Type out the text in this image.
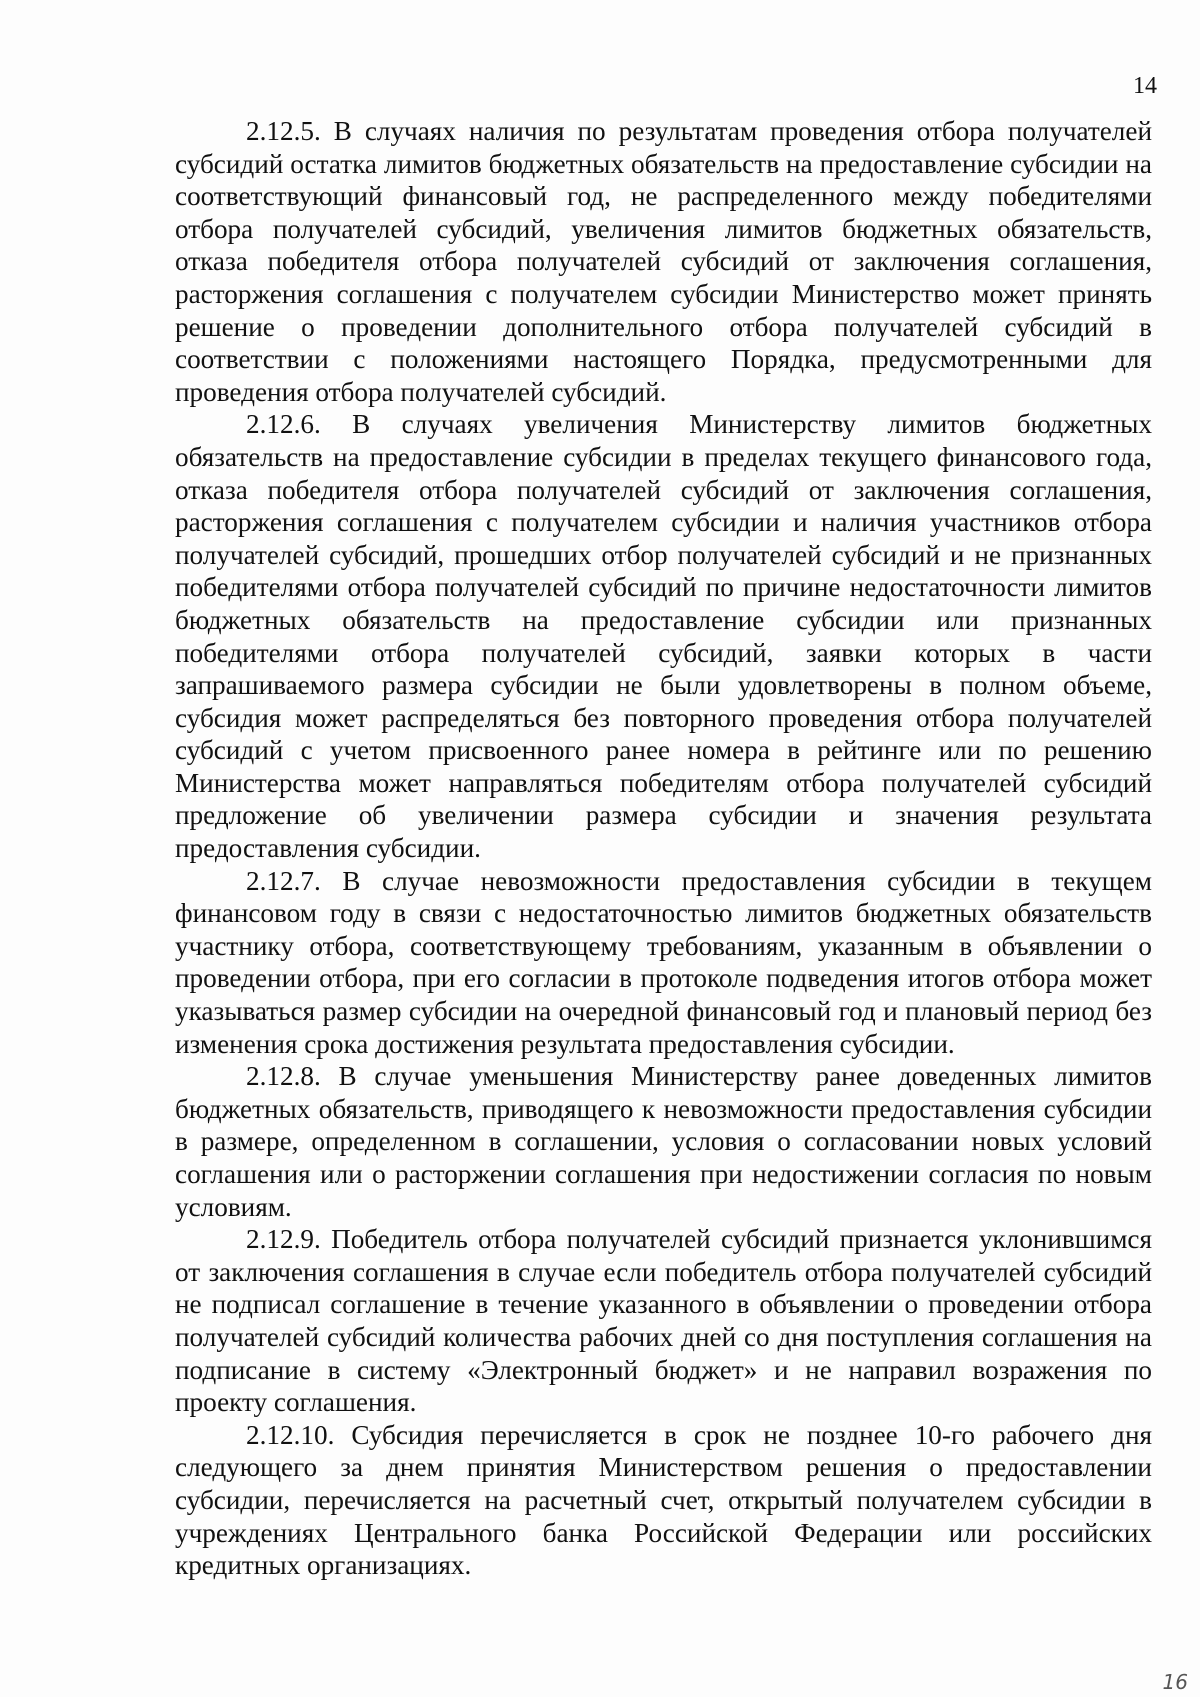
14

2.12.5. В случаях наличия по результатам проведения отбора получателей субсидий остатка лимитов бюджетных обязательств на предоставление субсидии на соответствующий финансовый год, не распределенного между победителями отбора получателей субсидий, увеличения лимитов бюджетных обязательств, отказа победителя отбора получателей субсидий от заключения соглашения, расторжения соглашения с получателем субсидии Министерство может принять решение о проведении дополнительного отбора получателей субсидий в соответствии с положениями настоящего Порядка, предусмотренными для проведения отбора получателей субсидий.

2.12.6. В случаях увеличения Министерству лимитов бюджетных обязательств на предоставление субсидии в пределах текущего финансового года, отказа победителя отбора получателей субсидий от заключения соглашения, расторжения соглашения с получателем субсидии и наличия участников отбора получателей субсидий, прошедших отбор получателей субсидий и не признанных победителями отбора получателей субсидий по причине недостаточности лимитов бюджетных обязательств на предоставление субсидии или признанных победителями отбора получателей субсидий, заявки которых в части запрашиваемого размера субсидии не были удовлетворены в полном объеме, субсидия может распределяться без повторного проведения отбора получателей субсидий с учетом присвоенного ранее номера в рейтинге или по решению Министерства может направляться победителям отбора получателей субсидий предложение об увеличении размера субсидии и значения результата предоставления субсидии.

2.12.7. В случае невозможности предоставления субсидии в текущем финансовом году в связи с недостаточностью лимитов бюджетных обязательств участнику отбора, соответствующему требованиям, указанным в объявлении о проведении отбора, при его согласии в протоколе подведения итогов отбора может указываться размер субсидии на очередной финансовый год и плановый период без изменения срока достижения результата предоставления субсидии.

2.12.8. В случае уменьшения Министерству ранее доведенных лимитов бюджетных обязательств, приводящего к невозможности предоставления субсидии в размере, определенном в соглашении, условия о согласовании новых условий соглашения или о расторжении соглашения при недостижении согласия по новым условиям.

2.12.9. Победитель отбора получателей субсидий признается уклонившимся от заключения соглашения в случае если победитель отбора получателей субсидий не подписал соглашение в течение указанного в объявлении о проведении отбора получателей субсидий количества рабочих дней со дня поступления соглашения на подписание в систему «Электронный бюджет» и не направил возражения по проекту соглашения.

2.12.10. Субсидия перечисляется в срок не позднее 10-го рабочего дня следующего за днем принятия Министерством решения о предоставлении субсидии, перечисляется на расчетный счет, открытый получателем субсидии в учреждениях Центрального банка Российской Федерации или российских кредитных организациях.

16
